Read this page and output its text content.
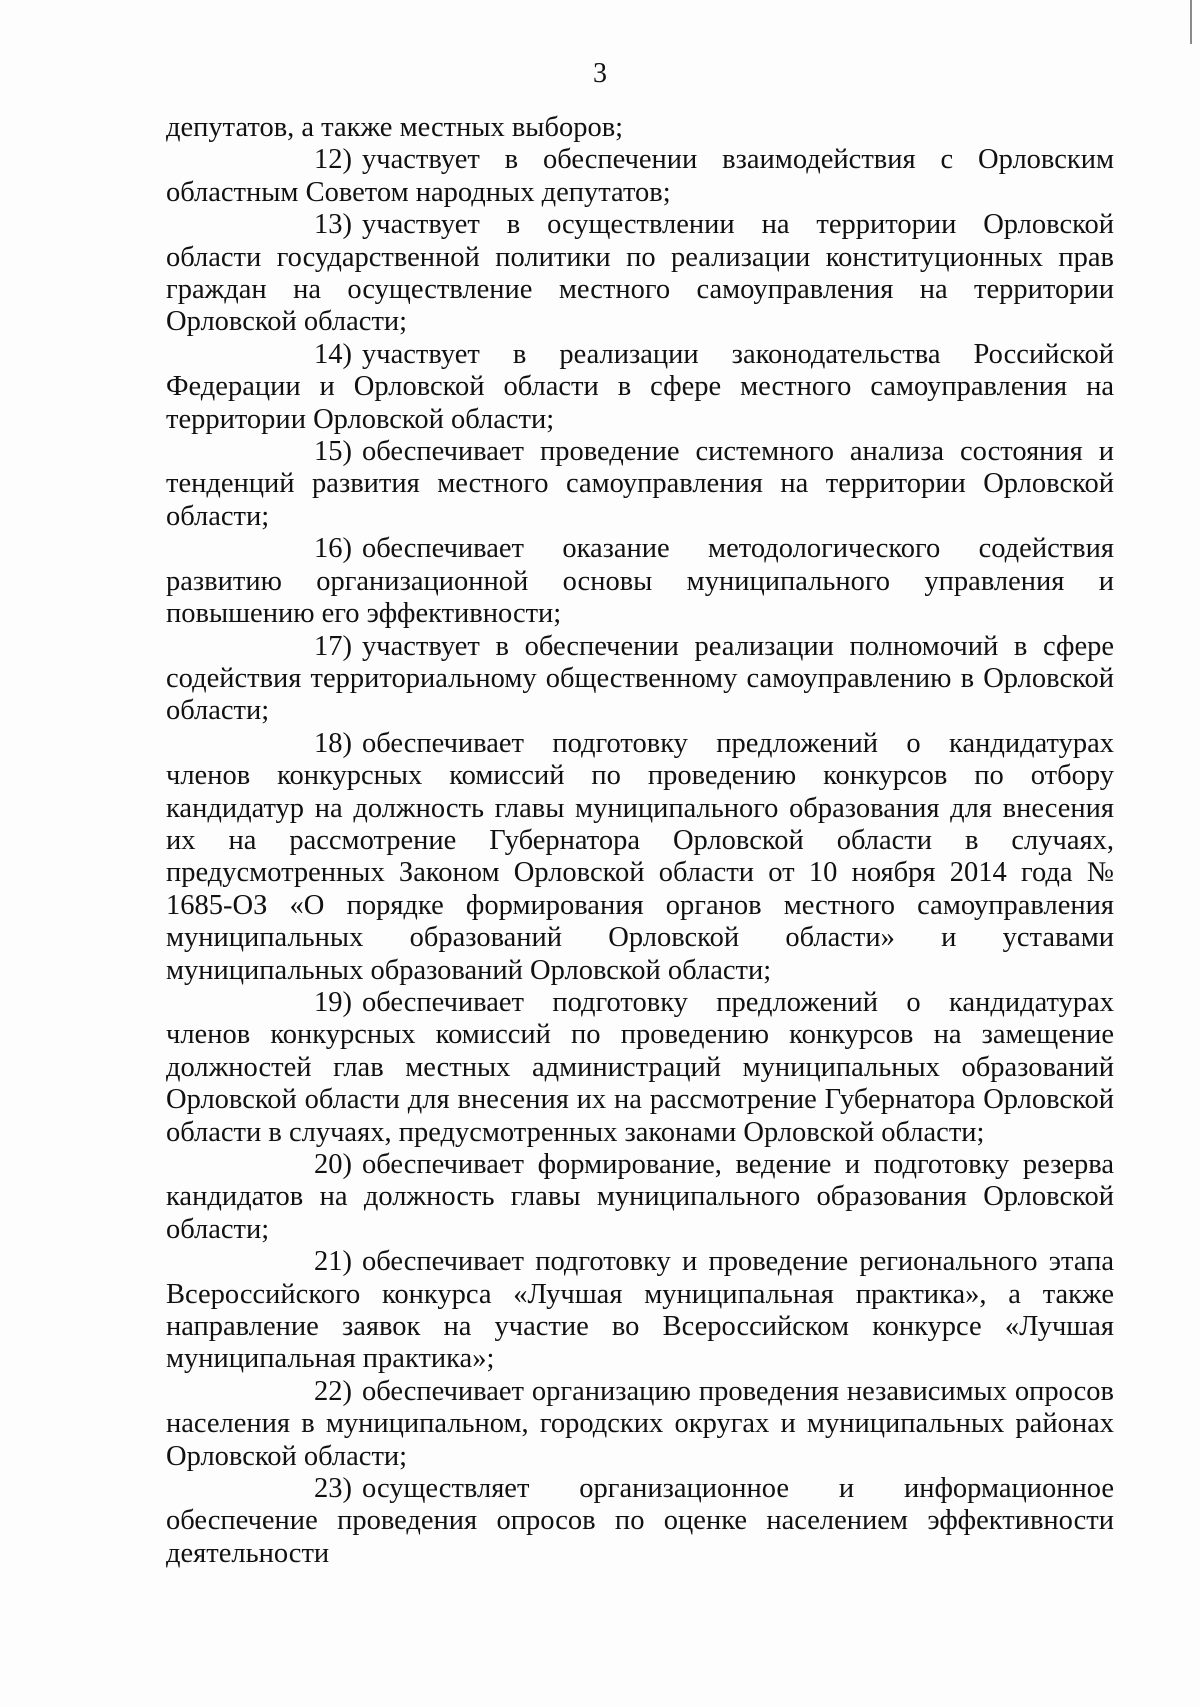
3

депутатов, а также местных выборов;

12) участвует в обеспечении взаимодействия с Орловским областным Советом народных депутатов;

13) участвует в осуществлении на территории Орловской области государственной политики по реализации конституционных прав граждан на осуществление местного самоуправления на территории Орловской области;

14) участвует в реализации законодательства Российской Федерации и Орловской области в сфере местного самоуправления на территории Орловской области;

15) обеспечивает проведение системного анализа состояния и тенденций развития местного самоуправления на территории Орловской области;

16) обеспечивает оказание методологического содействия развитию организационной основы муниципального управления и повышению его эффективности;

17) участвует в обеспечении реализации полномочий в сфере содействия территориальному общественному самоуправлению в Орловской области;

18) обеспечивает подготовку предложений о кандидатурах членов конкурсных комиссий по проведению конкурсов по отбору кандидатур на должность главы муниципального образования для внесения их на рассмотрение Губернатора Орловской области в случаях, предусмотренных Законом Орловской области от 10 ноября 2014 года № 1685-ОЗ «О порядке формирования органов местного самоуправления муниципальных образований Орловской области» и уставами муниципальных образований Орловской области;

19) обеспечивает подготовку предложений о кандидатурах членов конкурсных комиссий по проведению конкурсов на замещение должностей глав местных администраций муниципальных образований Орловской области для внесения их на рассмотрение Губернатора Орловской области в случаях, предусмотренных законами Орловской области;

20) обеспечивает формирование, ведение и подготовку резерва кандидатов на должность главы муниципального образования Орловской области;

21) обеспечивает подготовку и проведение регионального этапа Всероссийского конкурса «Лучшая муниципальная практика», а также направление заявок на участие во Всероссийском конкурсе «Лучшая муниципальная практика»;

22) обеспечивает организацию проведения независимых опросов населения в муниципальном, городских округах и муниципальных районах Орловской области;

23) осуществляет организационное и информационное обеспечение проведения опросов по оценке населением эффективности деятельности
